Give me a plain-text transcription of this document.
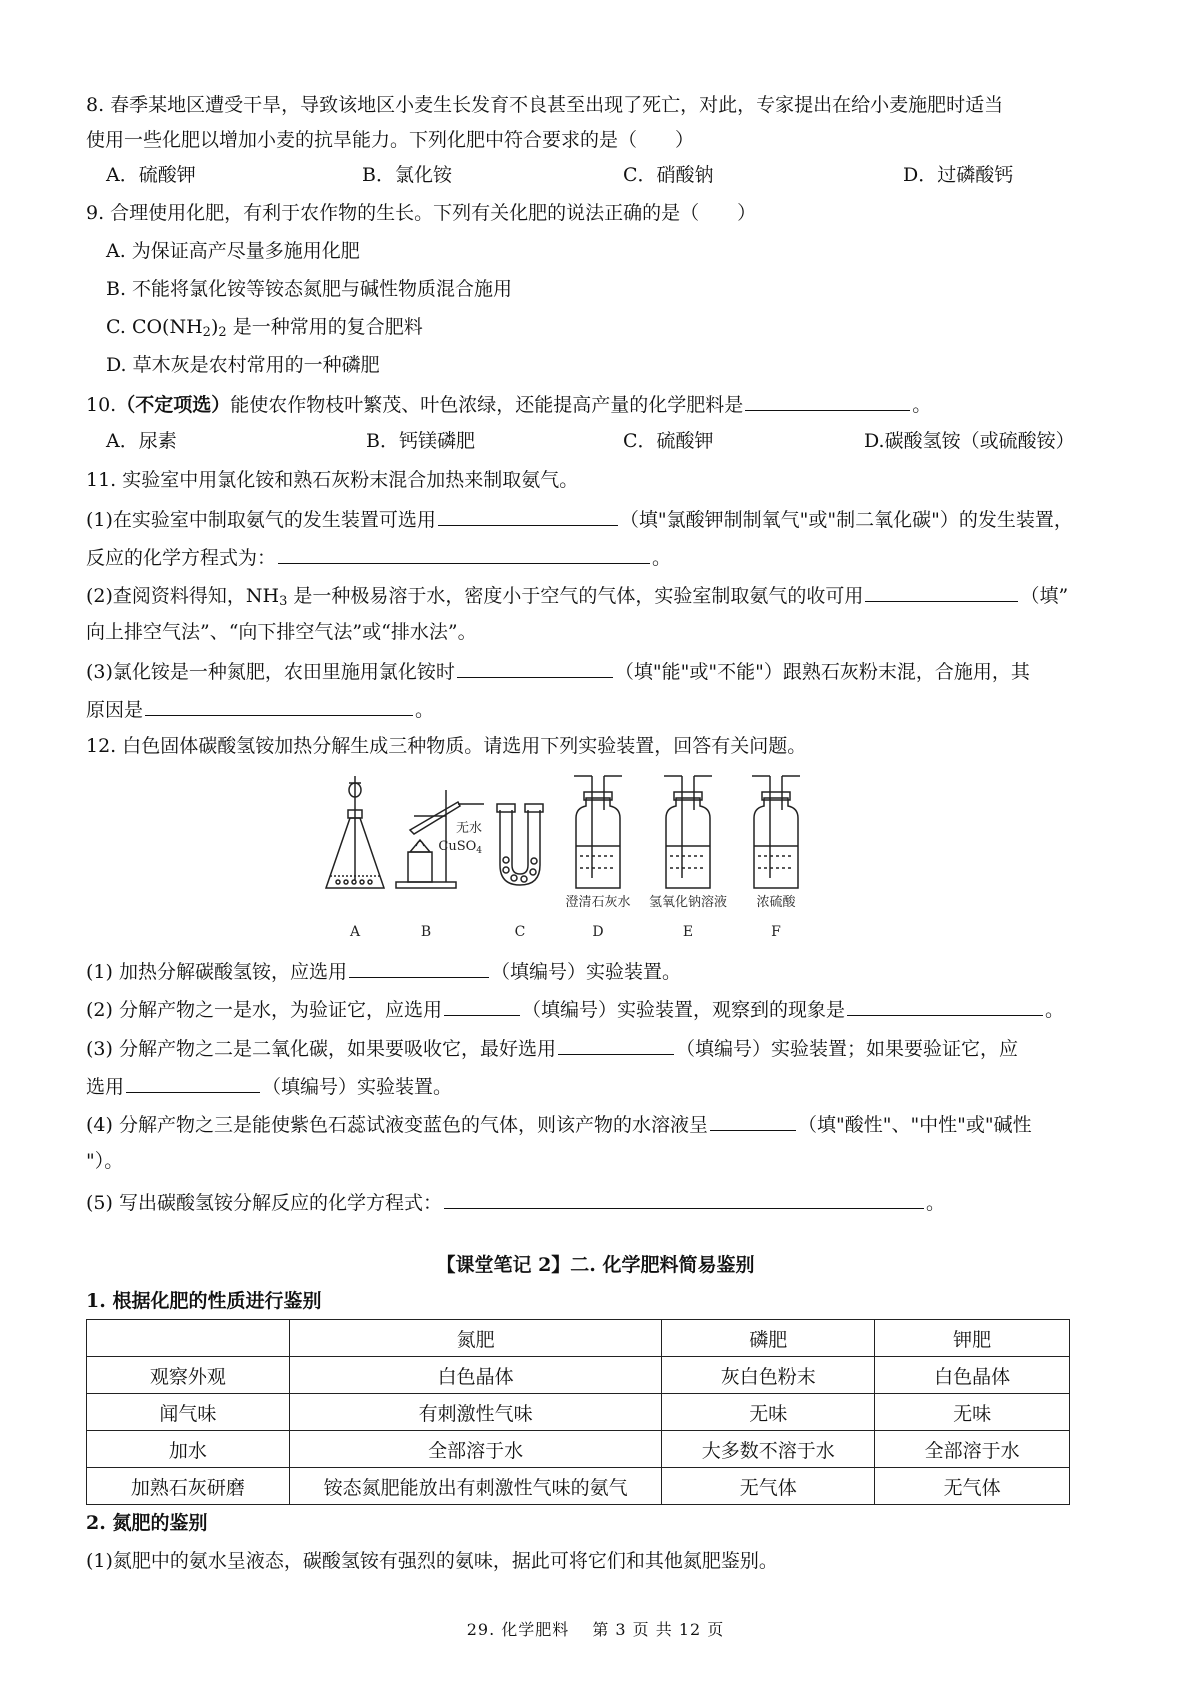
8. 春季某地区遭受干旱，导致该地区小麦生长发育不良甚至出现了死亡，对此，专家提出在给小麦施肥时适当
使用一些化肥以增加小麦的抗旱能力。下列化肥中符合要求的是（　　）
A．硫酸钾	B．氯化铵	C．硝酸钠	D．过磷酸钙
9. 合理使用化肥，有利于农作物的生长。下列有关化肥的说法正确的是（　　）
A. 为保证高产尽量多施用化肥
B. 不能将氯化铵等铵态氮肥与碱性物质混合施用
C. $CO(NH_2)_2$ 是一种常用的复合肥料
D. 草木灰是农村常用的一种磷肥
10.（不定项选）能使农作物枝叶繁茂、叶色浓绿，还能提高产量的化学肥料是	。
A．尿素	B．钙镁磷肥	C．硫酸钾	D.碳酸氢铵（或硫酸铵）
11. 实验室中用氯化铵和熟石灰粉末混合加热来制取氨气。
(1)在实验室中制取氨气的发生装置可选用	（填"氯酸钾制制氧气"或"制二氧化碳"）的发生装置，
反应的化学方程式为：	。
(2)查阅资料得知，$NH_3$ 是一种极易溶于水，密度小于空气的气体，实验室制取氨气的收可用	（填”
向上排空气法”、“向下排空气法”或“排水法”。
(3)氯化铵是一种氮肥，农田里施用氯化铵时	（填"能"或"不能"）跟熟石灰粉末混，合施用，其
原因是	。
12. 白色固体碳酸氢铵加热分解生成三种物质。请选用下列实验装置，回答有关问题。
无水
CuSO$_4$
澄清石灰水 氢氧化钠溶液 浓硫酸
A	B	C	D	E	F
(1) 加热分解碳酸氢铵，应选用	（填编号）实验装置。
(2) 分解产物之一是水，为验证它，应选用	（填编号）实验装置，观察到的现象是	。
(3) 分解产物之二是二氧化碳，如果要吸收它，最好选用	（填编号）实验装置；如果要验证它，应
选用	（填编号）实验装置。
(4) 分解产物之三是能使紫色石蕊试液变蓝色的气体，则该产物的水溶液呈	（填"酸性"、"中性"或"碱性
"）。
(5) 写出碳酸氢铵分解反应的化学方程式：	。
【课堂笔记 2】二. 化学肥料简易鉴别
1. 根据化肥的性质进行鉴别
	氮肥	磷肥	钾肥
观察外观	白色晶体	灰白色粉末	白色晶体
闻气味	有刺激性气味	无味	无味
加水	全部溶于水	大多数不溶于水	全部溶于水
加熟石灰研磨	铵态氮肥能放出有刺激性气味的氨气	无气体	无气体
2. 氮肥的鉴别
(1)氮肥中的氨水呈液态，碳酸氢铵有强烈的氨味，据此可将它们和其他氮肥鉴别。
29. 化学肥料　 第 3 页 共 12 页
